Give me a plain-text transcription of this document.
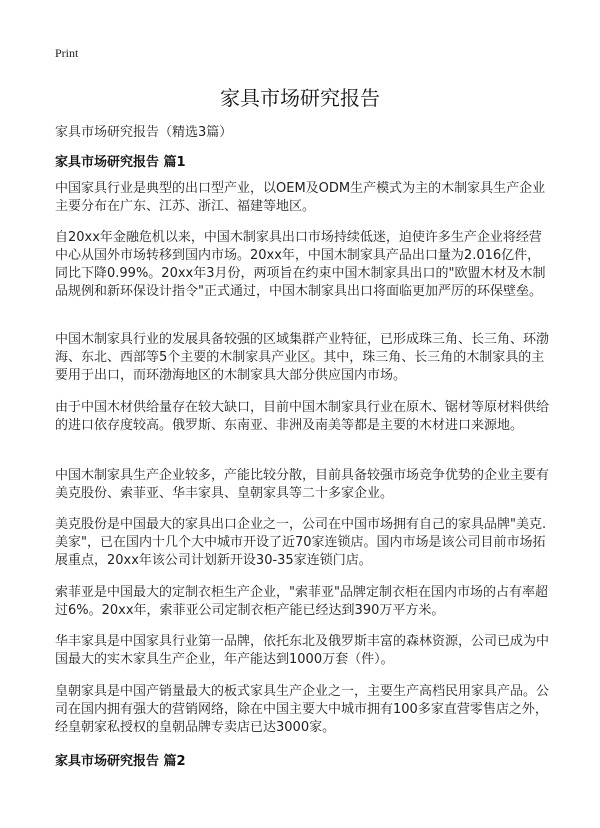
Print
家具市场研究报告
家具市场研究报告（精选3篇）
家具市场研究报告 篇1

中国家具行业是典型的出口型产业，以OEM及ODM生产模式为主的木制家具生产企业主要分布在广东、江苏、浙江、福建等地区。

自20xx年金融危机以来，中国木制家具出口市场持续低迷，迫使许多生产企业将经营中心从国外市场转移到国内市场。20xx年，中国木制家具产品出口量为2.016亿件，同比下降0.99%。20xx年3月份，两项旨在约束中国木制家具出口的"欧盟木材及木制品规例和新环保设计指令"正式通过，中国木制家具出口将面临更加严厉的环保壁垒。

中国木制家具行业的发展具备较强的区域集群产业特征，已形成珠三角、长三角、环渤海、东北、西部等5个主要的木制家具产业区。其中，珠三角、长三角的木制家具的主要用于出口，而环渤海地区的木制家具大部分供应国内市场。

由于中国木材供给量存在较大缺口，目前中国木制家具行业在原木、锯材等原材料供给的进口依存度较高。俄罗斯、东南亚、非洲及南美等都是主要的木材进口来源地。

中国木制家具生产企业较多，产能比较分散，目前具备较强市场竞争优势的企业主要有美克股份、索菲亚、华丰家具、皇朝家具等二十多家企业。

美克股份是中国最大的家具出口企业之一，公司在中国市场拥有自己的家具品牌"美克.美家"，已在国内十几个大中城市开设了近70家连锁店。国内市场是该公司目前市场拓展重点，20xx年该公司计划新开设30-35家连锁门店。

索菲亚是中国最大的定制衣柜生产企业，"索菲亚"品牌定制衣柜在国内市场的占有率超过6%。20xx年，索菲亚公司定制衣柜产能已经达到390万平方米。

华丰家具是中国家具行业第一品牌，依托东北及俄罗斯丰富的森林资源，公司已成为中国最大的实木家具生产企业，年产能达到1000万套（件）。

皇朝家具是中国产销量最大的板式家具生产企业之一，主要生产高档民用家具产品。公司在国内拥有强大的营销网络，除在中国主要大中城市拥有100多家直营零售店之外，经皇朝家私授权的皇朝品牌专卖店已达3000家。

家具市场研究报告 篇2
